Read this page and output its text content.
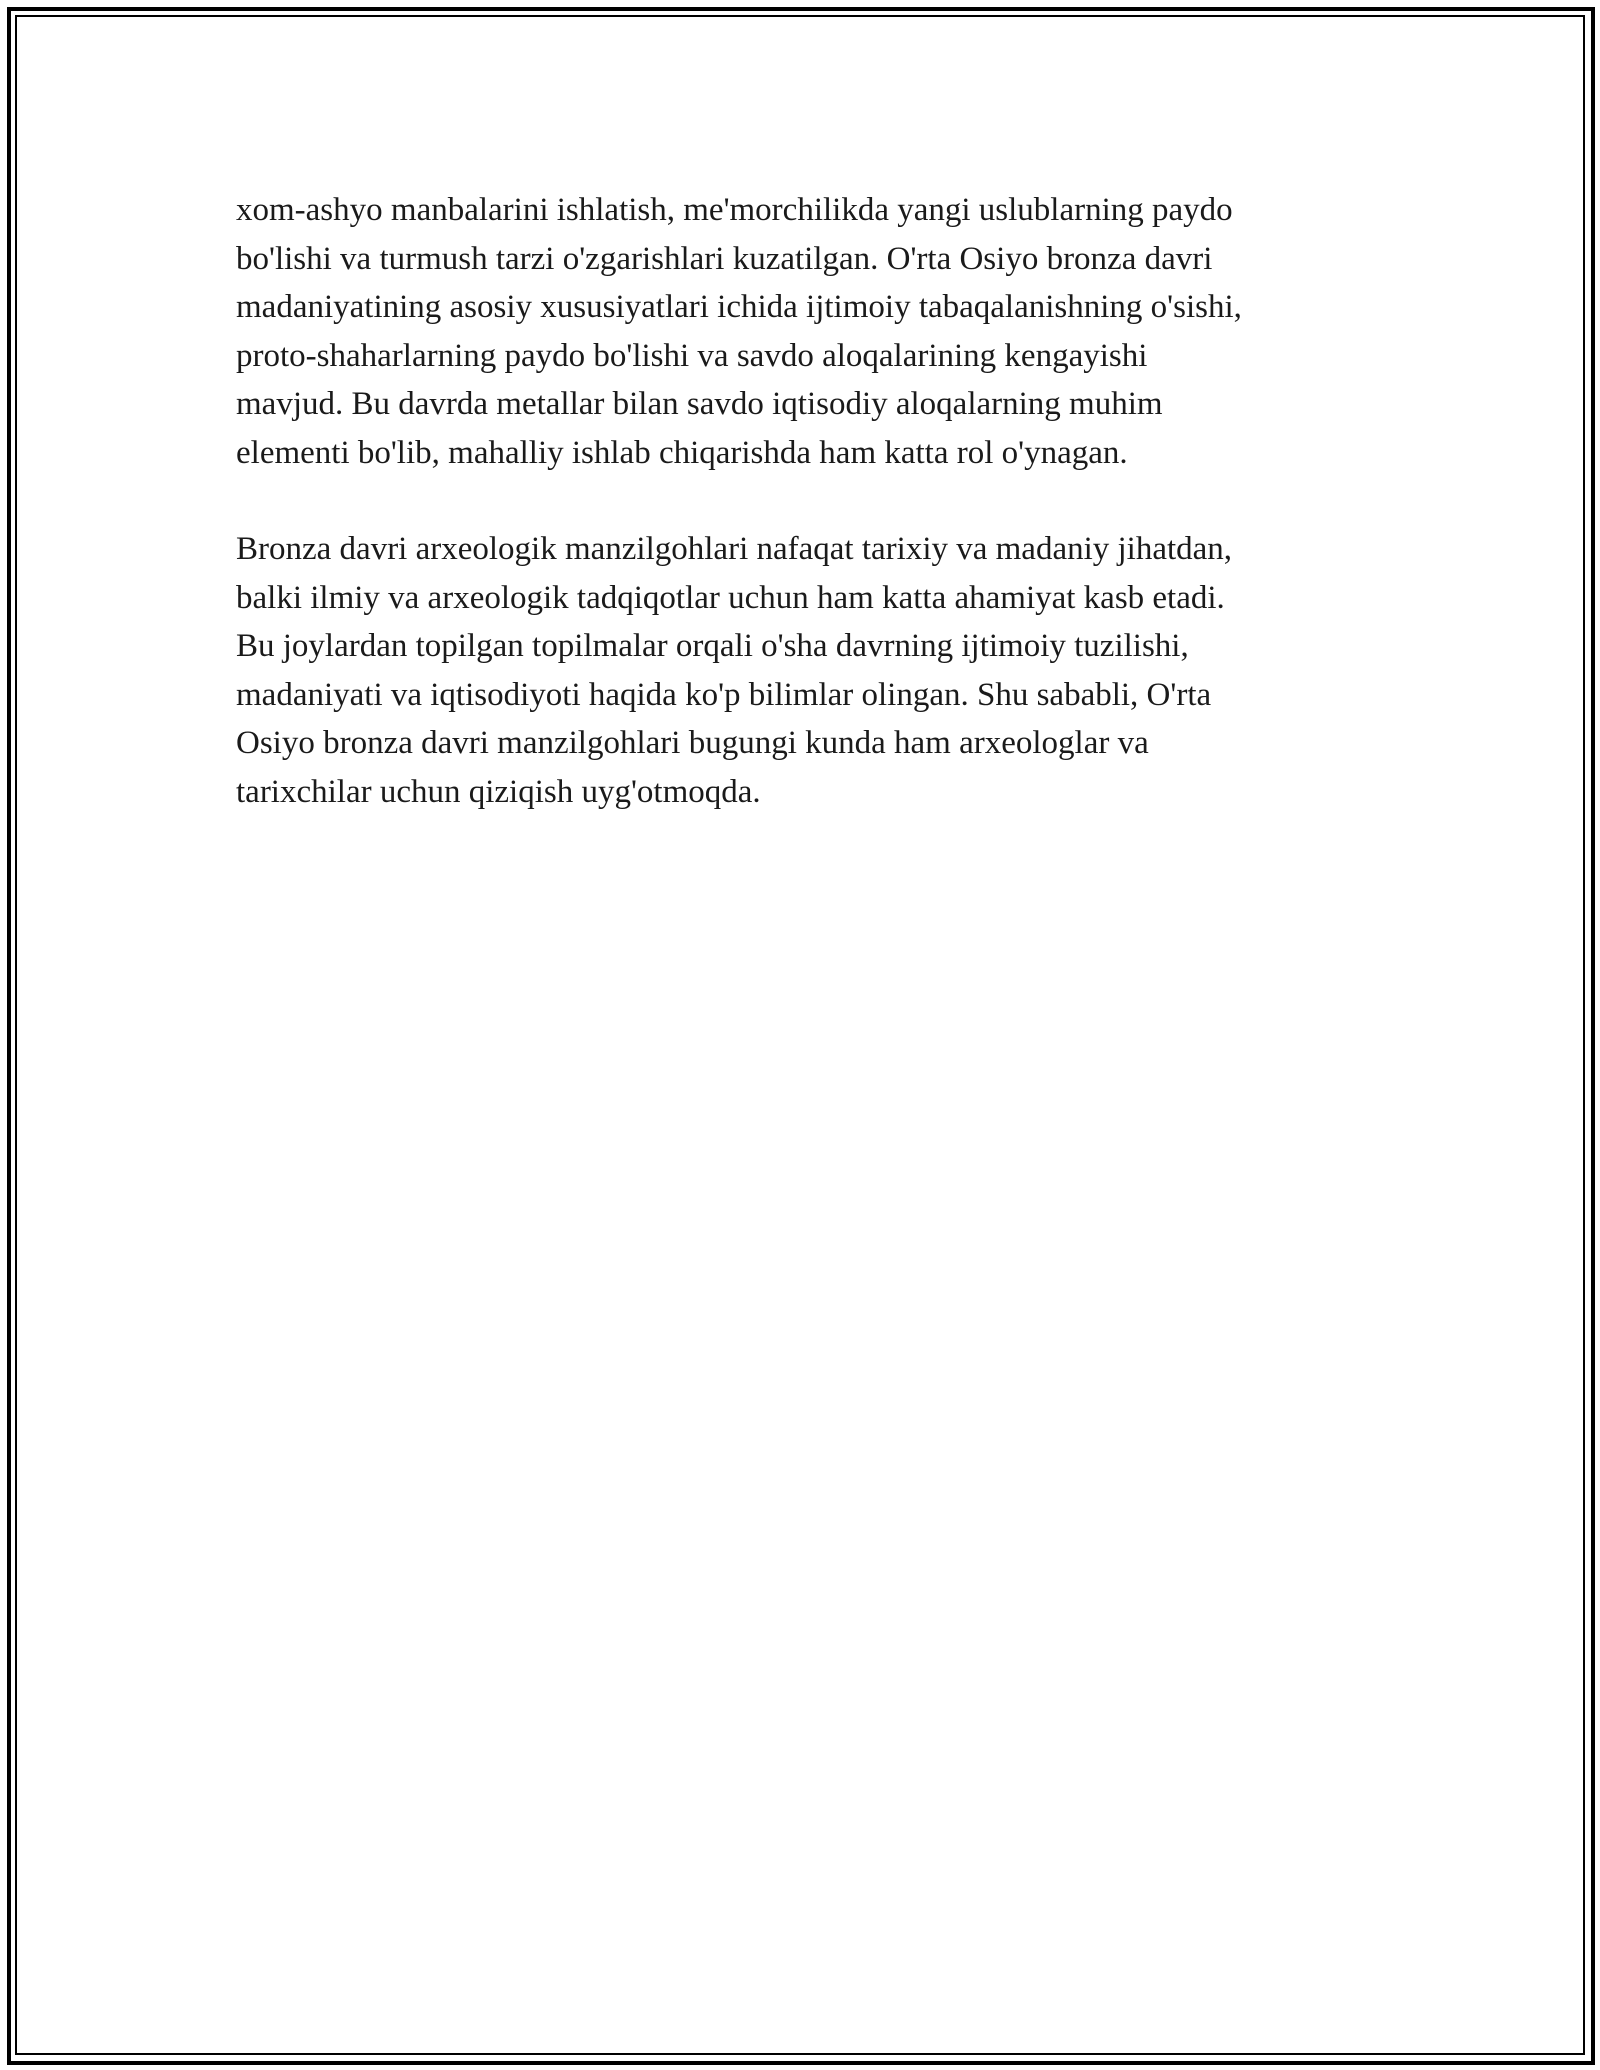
xom-ashyo manbalarini ishlatish, me'morchilikda yangi uslublarning paydo
bo'lishi va turmush tarzi o'zgarishlari kuzatilgan. O'rta Osiyo bronza davri
madaniyatining asosiy xususiyatlari ichida ijtimoiy tabaqalanishning o'sishi,
proto-shaharlarning paydo bo'lishi va savdo aloqalarining kengayishi
mavjud. Bu davrda metallar bilan savdo iqtisodiy aloqalarning muhim
elementi bo'lib, mahalliy ishlab chiqarishda ham katta rol o'ynagan.

Bronza davri arxeologik manzilgohlari nafaqat tarixiy va madaniy jihatdan,
balki ilmiy va arxeologik tadqiqotlar uchun ham katta ahamiyat kasb etadi.
Bu joylardan topilgan topilmalar orqali o'sha davrning ijtimoiy tuzilishi,
madaniyati va iqtisodiyoti haqida ko'p bilimlar olingan. Shu sababli, O'rta
Osiyo bronza davri manzilgohlari bugungi kunda ham arxeologlar va
tarixchilar uchun qiziqish uyg'otmoqda.
